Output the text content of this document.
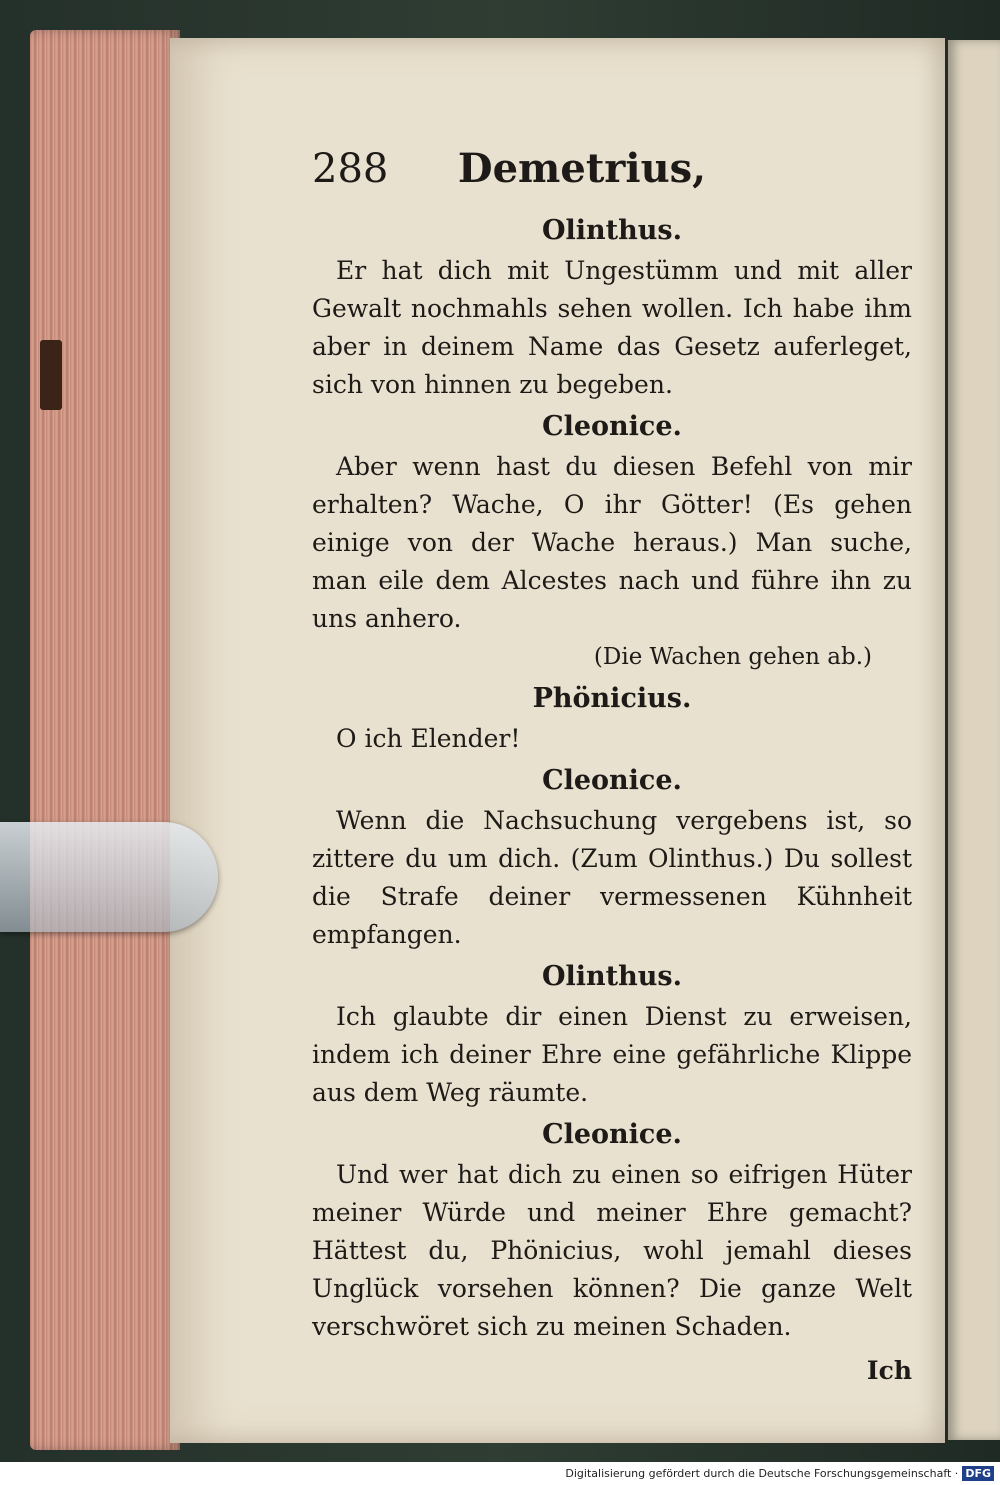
288	Demetrius,
Olinthus.
Er hat dich mit Ungestümm und mit aller Gewalt nochmahls sehen wollen. Ich habe ihm aber in deinem Name das Gesetz auferleget, sich von hinnen zu begeben.
Cleonice.
Aber wenn hast du diesen Befehl von mir erhalten? Wache, O ihr Götter! (Es gehen einige von der Wache heraus.) Man suche, man eile dem Alcestes nach und führe ihn zu uns anhero.
(Die Wachen gehen ab.)
Phönicius.
O ich Elender!
Cleonice.
Wenn die Nachsuchung vergebens ist, so zittere du um dich. (Zum Olinthus.) Du sollest die Strafe deiner vermessenen Kühnheit empfangen.
Olinthus.
Ich glaubte dir einen Dienst zu erweisen, indem ich deiner Ehre eine gefährliche Klippe aus dem Weg räumte.
Cleonice.
Und wer hat dich zu einen so eifrigen Hüter meiner Würde und meiner Ehre gemacht? Hättest du, Phönicius, wohl jemahl dieses Unglück vorsehen können? Die ganze Welt verschwöret sich zu meinen Schaden.
Ich
Digitalisierung gefördert durch die Deutsche Forschungsgemeinschaft · DFG
